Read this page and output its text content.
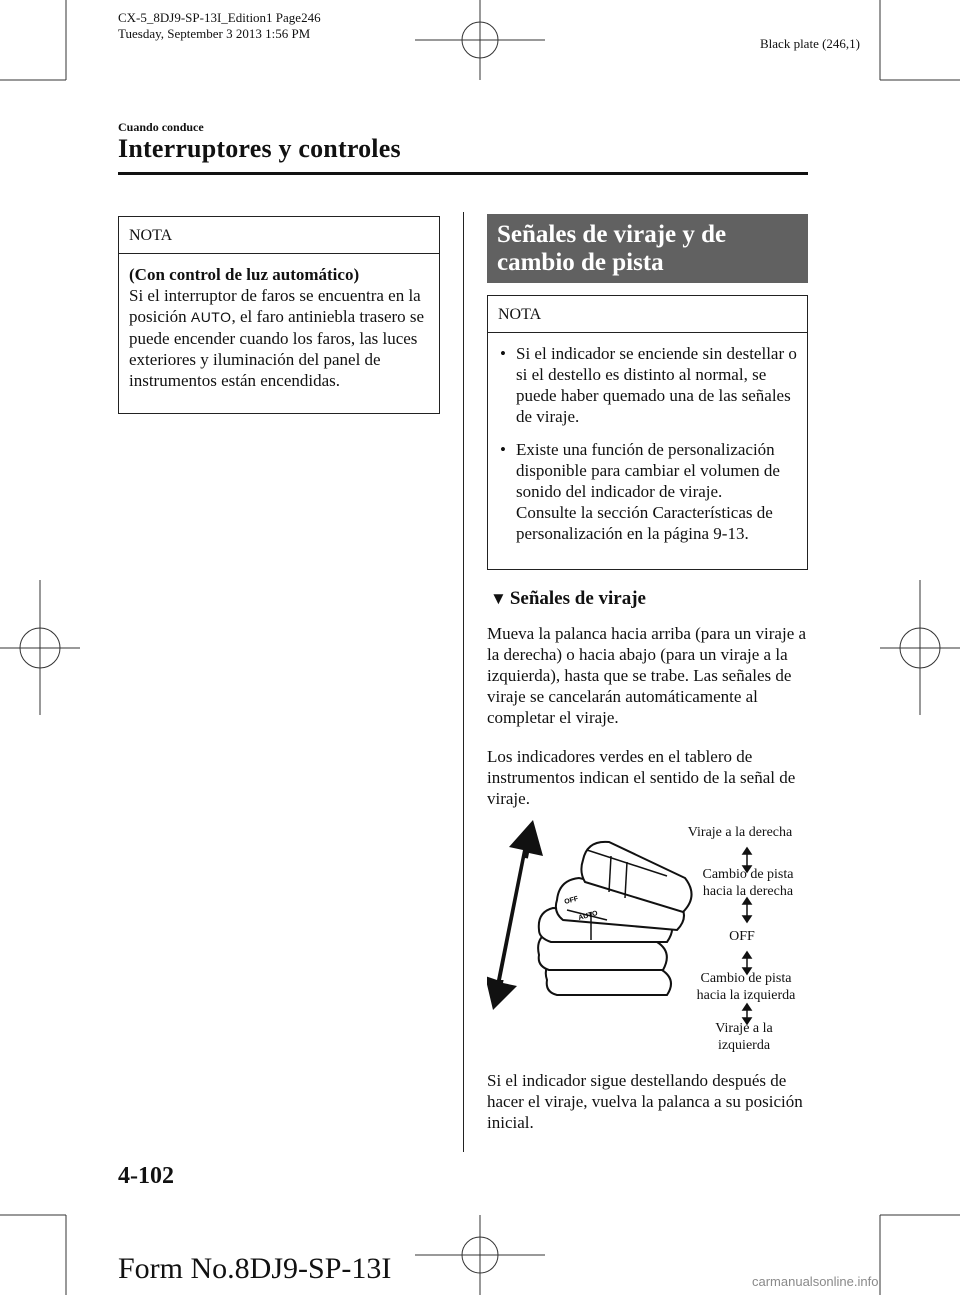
CX-5_8DJ9-SP-13I_Edition1 Page246
Tuesday, September 3 2013 1:56 PM
Black plate (246,1)
Cuando conduce
Interruptores y controles
NOTA
(Con control de luz automático)
Si el interruptor de faros se encuentra en la posición AUTO, el faro antiniebla trasero se puede encender cuando los faros, las luces exteriores y iluminación del panel de instrumentos están encendidas.
Señales de viraje y de cambio de pista
NOTA
• Si el indicador se enciende sin destellar o si el destello es distinto al normal, se puede haber quemado una de las señales de viraje.
• Existe una función de personalización disponible para cambiar el volumen de sonido del indicador de viraje.
Consulte la sección Características de personalización en la página 9-13.
▼ Señales de viraje
Mueva la palanca hacia arriba (para un viraje a la derecha) o hacia abajo (para un viraje a la izquierda), hasta que se trabe. Las señales de viraje se cancelarán automáticamente al completar el viraje.
Los indicadores verdes en el tablero de instrumentos indican el sentido de la señal de viraje.
AUTO
OFF
Viraje a la derecha
Cambio de pista
hacia la derecha
OFF
Cambio de pista
hacia la izquierda
Viraje a la
izquierda
Si el indicador sigue destellando después de hacer el viraje, vuelva la palanca a su posición inicial.
4-102
Form No.8DJ9-SP-13I	carmanualsonline.info
